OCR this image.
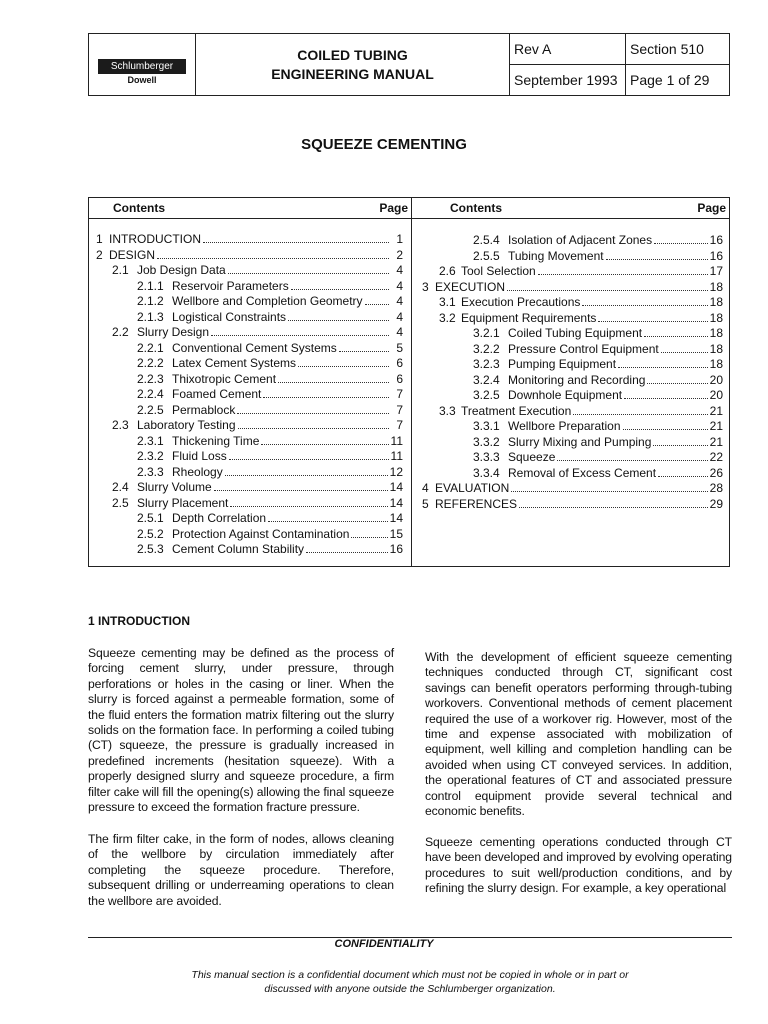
Schlumberger
Dowell
COILED TUBING
ENGINEERING MANUAL
Rev A	Section 510
September 1993 Page 1 of 29
SQUEEZE CEMENTING
Contents	Page
1 INTRODUCTION	1
2 DESIGN	2
2.1 Job Design Data	4
2.1.1 Reservoir Parameters	4
2.1.2 Wellbore and Completion Geometry	4
2.1.3 Logistical Constraints	4
2.2 Slurry Design	4
2.2.1 Conventional Cement Systems	5
2.2.2 Latex Cement Systems	6
2.2.3 Thixotropic Cement	6
2.2.4 Foamed Cement	7
2.2.5 Permablock	7
2.3 Laboratory Testing	7
2.3.1 Thickening Time	11
2.3.2 Fluid Loss	11
2.3.3 Rheology	12
2.4 Slurry Volume	14
2.5 Slurry Placement	14
2.5.1 Depth Correlation	14
2.5.2 Protection Against Contamination	15
2.5.3 Cement Column Stability	16
Contents	Page
2.5.4 Isolation of Adjacent Zones	16
2.5.5 Tubing Movement	16
2.6 Tool Selection	17
3 EXECUTION	18
3.1 Execution Precautions	18
3.2 Equipment Requirements	18
3.2.1 Coiled Tubing Equipment	18
3.2.2 Pressure Control Equipment	18
3.2.3 Pumping Equipment	18
3.2.4 Monitoring and Recording	20
3.2.5 Downhole Equipment	20
3.3 Treatment Execution	21
3.3.1 Wellbore Preparation	21
3.3.2 Slurry Mixing and Pumping	21
3.3.3 Squeeze	22
3.3.4 Removal of Excess Cement	26
4 EVALUATION	28
5 REFERENCES	29
1 INTRODUCTION

Squeeze cementing may be defined as the process of forcing cement slurry, under pressure, through perforations or holes in the casing or liner. When the slurry is forced against a permeable formation, some of the fluid enters the formation matrix filtering out the slurry solids on the formation face. In performing a coiled tubing (CT) squeeze, the pressure is gradually increased in predefined increments (hesitation squeeze). With a properly designed slurry and squeeze procedure, a firm filter cake will fill the opening(s) allowing the final squeeze pressure to exceed the formation fracture pressure.

The firm filter cake, in the form of nodes, allows cleaning of the wellbore by circulation immediately after completing the squeeze procedure. Therefore, subsequent drilling or underreaming operations to clean the wellbore are avoided.

With the development of efficient squeeze cementing techniques conducted through CT, significant cost savings can benefit operators performing through-tubing workovers. Conventional methods of cement placement required the use of a workover rig. However, most of the time and expense associated with mobilization of equipment, well killing and completion handling can be avoided when using CT conveyed services. In addition, the operational features of CT and associated pressure control equipment provide several technical and economic benefits.

Squeeze cementing operations conducted through CT have been developed and improved by evolving operating procedures to suit well/production conditions, and by refining the slurry design. For example, a key operational

CONFIDENTIALITY
This manual section is a confidential document which must not be copied in whole or in part or
discussed with anyone outside the Schlumberger organization.
